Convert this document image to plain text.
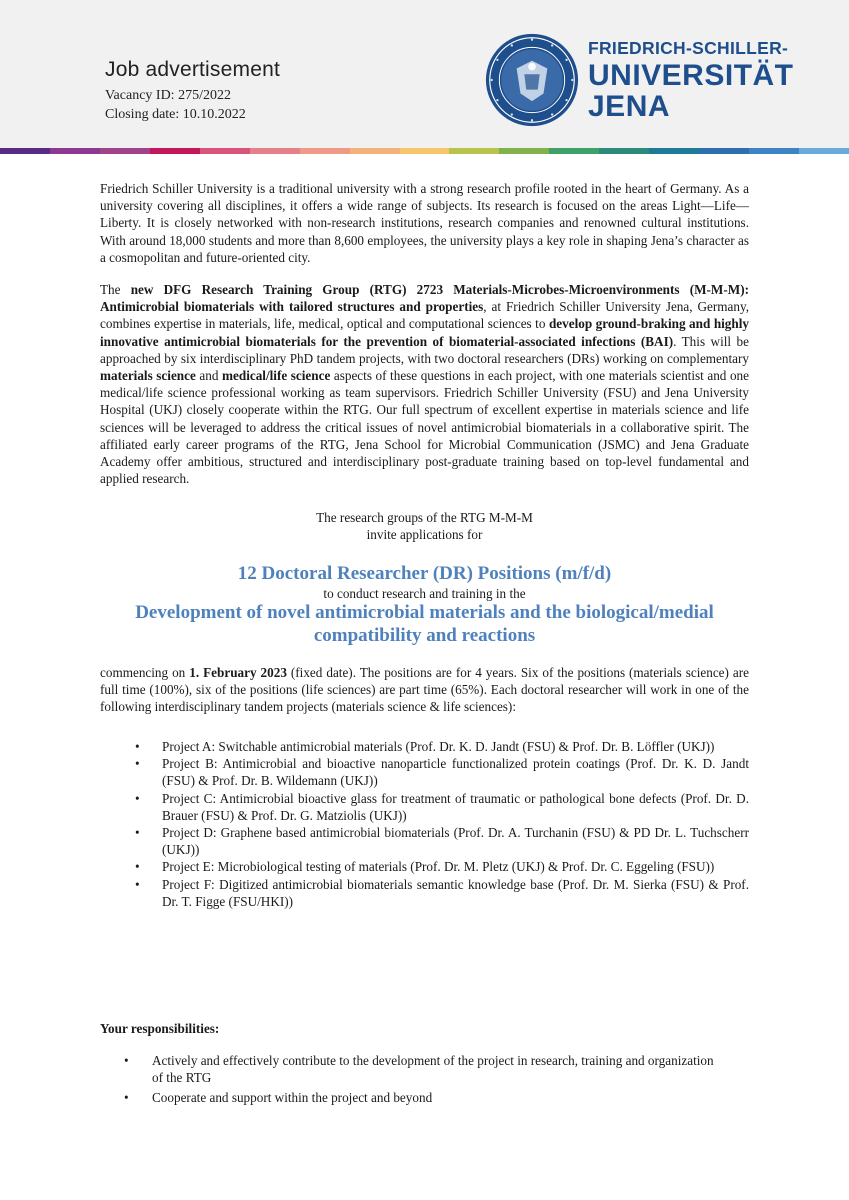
Job advertisement
Vacancy ID: 275/2022
Closing date: 10.10.2022
FRIEDRICH-SCHILLER-
UNIVERSITÄT
JENA

Friedrich Schiller University is a traditional university with a strong research profile rooted in the heart of Germany. As a university covering all disciplines, it offers a wide range of subjects. Its research is focused on the areas Light—Life—Liberty. It is closely networked with non-research institutions, research companies and renowned cultural institutions. With around 18,000 students and more than 8,600 employees, the university plays a key role in shaping Jena’s character as a cosmopolitan and future-oriented city.

The new DFG Research Training Group (RTG) 2723 Materials-Microbes-Microenvironments (M-M-M): Antimicrobial biomaterials with tailored structures and properties, at Friedrich Schiller University Jena, Germany, combines expertise in materials, life, medical, optical and computational sciences to develop ground-braking and highly innovative antimicrobial biomaterials for the prevention of biomaterial-associated infections (BAI). This will be approached by six interdisciplinary PhD tandem projects, with two doctoral researchers (DRs) working on complementary materials science and medical/life science aspects of these questions in each project, with one materials scientist and one medical/life science professional working as team supervisors. Friedrich Schiller University (FSU) and Jena University Hospital (UKJ) closely cooperate within the RTG. Our full spectrum of excellent expertise in materials science and life sciences will be leveraged to address the critical issues of novel antimicrobial biomaterials in a collaborative spirit. The affiliated early career programs of the RTG, Jena School for Microbial Communication (JSMC) and Jena Graduate Academy offer ambitious, structured and interdisciplinary post-graduate training based on top-level fundamental and applied research.

The research groups of the RTG M-M-M
invite applications for
12 Doctoral Researcher (DR) Positions (m/f/d)
to conduct research and training in the
Development of novel antimicrobial materials and the biological/medial compatibility and reactions

commencing on 1. February 2023 (fixed date). The positions are for 4 years. Six of the positions (materials science) are full time (100%), six of the positions (life sciences) are part time (65%). Each doctoral researcher will work in one of the following interdisciplinary tandem projects (materials science & life sciences):

• Project A: Switchable antimicrobial materials (Prof. Dr. K. D. Jandt (FSU) & Prof. Dr. B. Löffler (UKJ))
• Project B: Antimicrobial and bioactive nanoparticle functionalized protein coatings (Prof. Dr. K. D. Jandt (FSU) & Prof. Dr. B. Wildemann (UKJ))
• Project C: Antimicrobial bioactive glass for treatment of traumatic or pathological bone defects (Prof. Dr. D. Brauer (FSU) & Prof. Dr. G. Matziolis (UKJ))
• Project D: Graphene based antimicrobial biomaterials (Prof. Dr. A. Turchanin (FSU) & PD Dr. L. Tuchscherr (UKJ))
• Project E: Microbiological testing of materials (Prof. Dr. M. Pletz (UKJ) & Prof. Dr. C. Eggeling (FSU))
• Project F: Digitized antimicrobial biomaterials semantic knowledge base (Prof. Dr. M. Sierka (FSU) & Prof. Dr. T. Figge (FSU/HKI))
Your responsibilities:
• Actively and effectively contribute to the development of the project in research, training and organization of the RTG
• Cooperate and support within the project and beyond
